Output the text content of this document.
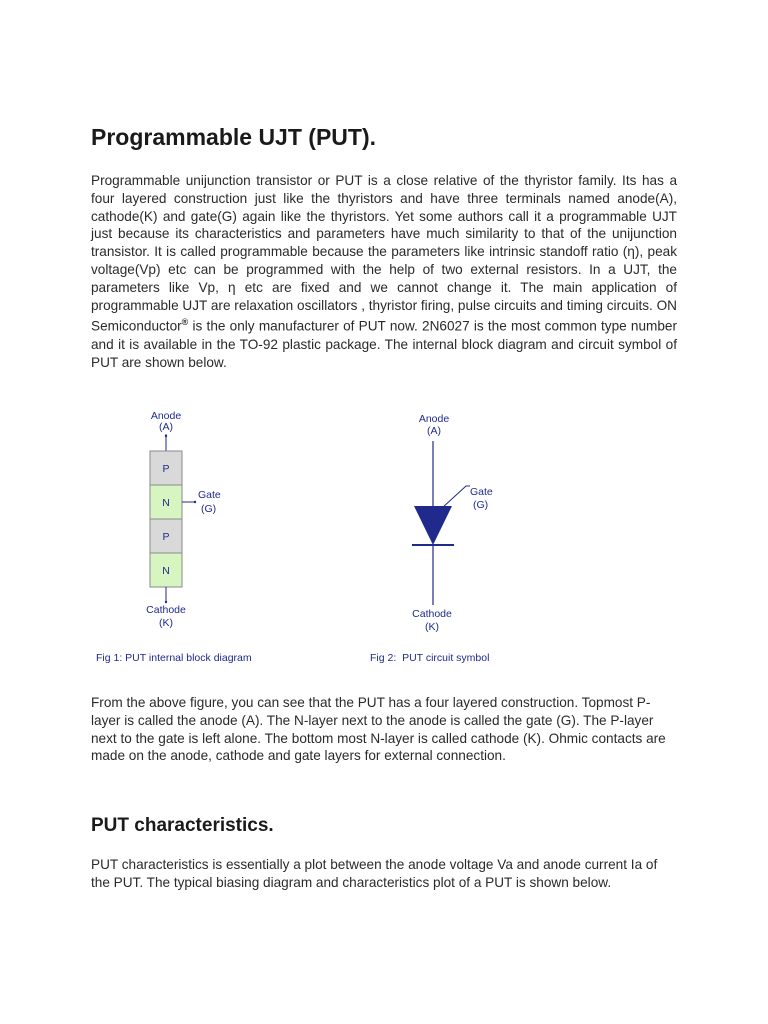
Programmable UJT (PUT).

Programmable unijunction transistor or PUT is a close relative of the thyristor family. Its has a four layered construction just like the thyristors and have three terminals named anode(A), cathode(K) and gate(G) again like the thyristors. Yet some authors call it a programmable UJT just because its characteristics and parameters have much similarity to that of the unijunction transistor. It is called programmable because the parameters like intrinsic standoff ratio (η), peak voltage(Vp) etc can be programmed with the help of two external resistors. In a UJT, the parameters like Vp, η etc are fixed and we cannot change it. The main application of programmable UJT are relaxation oscillators , thyristor firing, pulse circuits and timing circuits. ON Semiconductor® is the only manufacturer of PUT now. 2N6027 is the most common type number and it is available in the TO-92 plastic package. The internal block diagram and circuit symbol of PUT are shown below.

Anode
(A)
P
N
P
N
Gate
(G)
Cathode
(K)
Fig 1: PUT internal block diagram
Anode
(A)
Gate
(G)
Cathode
(K)
Fig 2:  PUT circuit symbol

From the above figure, you can see that the PUT has a four layered construction. Topmost P-layer is called the anode (A). The N-layer next to the anode is called the gate (G). The P-layer next to the gate is left alone. The bottom most N-layer is called cathode (K). Ohmic contacts are made on the anode, cathode and gate layers for external connection.

PUT characteristics.

PUT characteristics is essentially a plot between the anode voltage Va and anode current Ia of the PUT. The typical biasing diagram and characteristics plot of a PUT is shown below.
